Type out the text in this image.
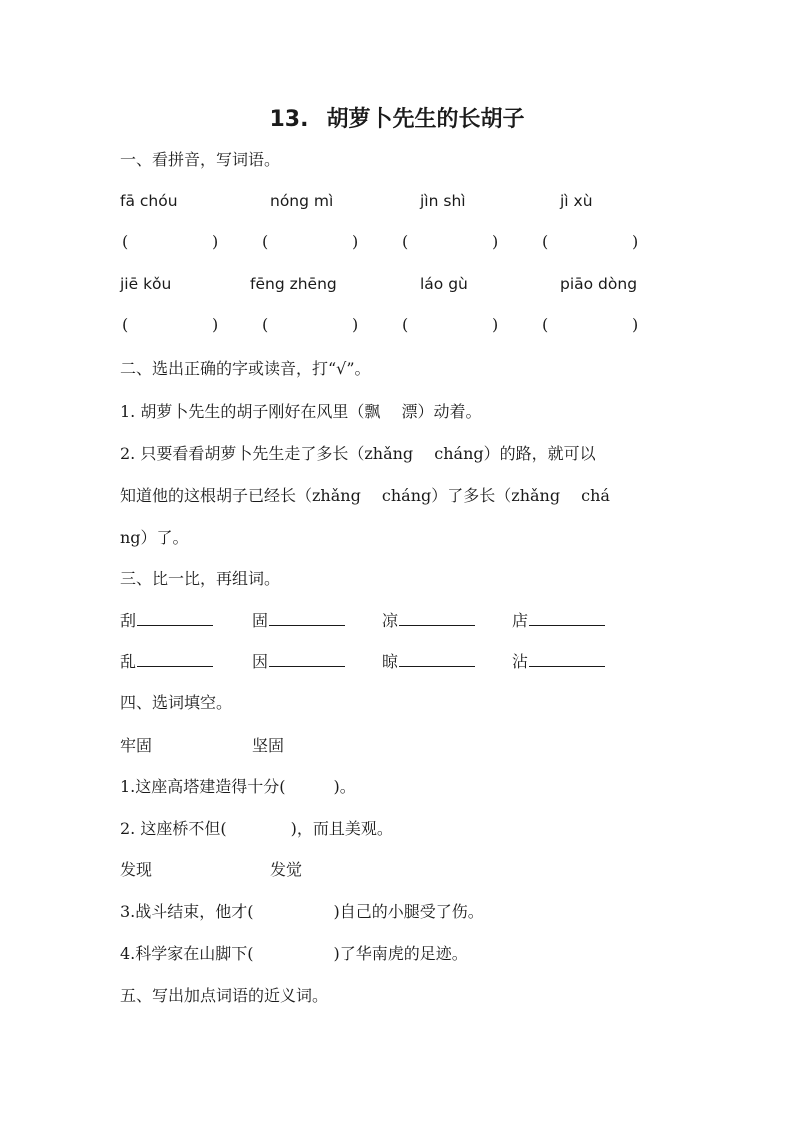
13. 胡萝卜先生的长胡子
一、看拼音，写词语。
fā chóu	nóng mì	jìn shì	jì xù
(	)	(	)	(	)	(	)
jiē kǒu	fēng zhēng	láo gù	piāo dòng
(	)	(	)	(	)	(	)
二、选出正确的字或读音，打“√”。
1. 胡萝卜先生的胡子刚好在风里（飘　 漂）动着。
2. 只要看看胡萝卜先生走了多长（zhǎng　 cháng）的路，就可以
知道他的这根胡子已经长（zhǎng　 cháng）了多长（zhǎng　 chá
ng）了。
三、比一比，再组词。
刮	固	凉	店
乱	因	晾	沾
四、选词填空。
牢固	坚固
1.这座高塔建造得十分(　　　)。
2. 这座桥不但(　　　　)，而且美观。
发现	发觉
3.战斗结束，他才(　　　　　)自己的小腿受了伤。
4.科学家在山脚下(　　　　　)了华南虎的足迹。
五、写出加点词语的近义词。
